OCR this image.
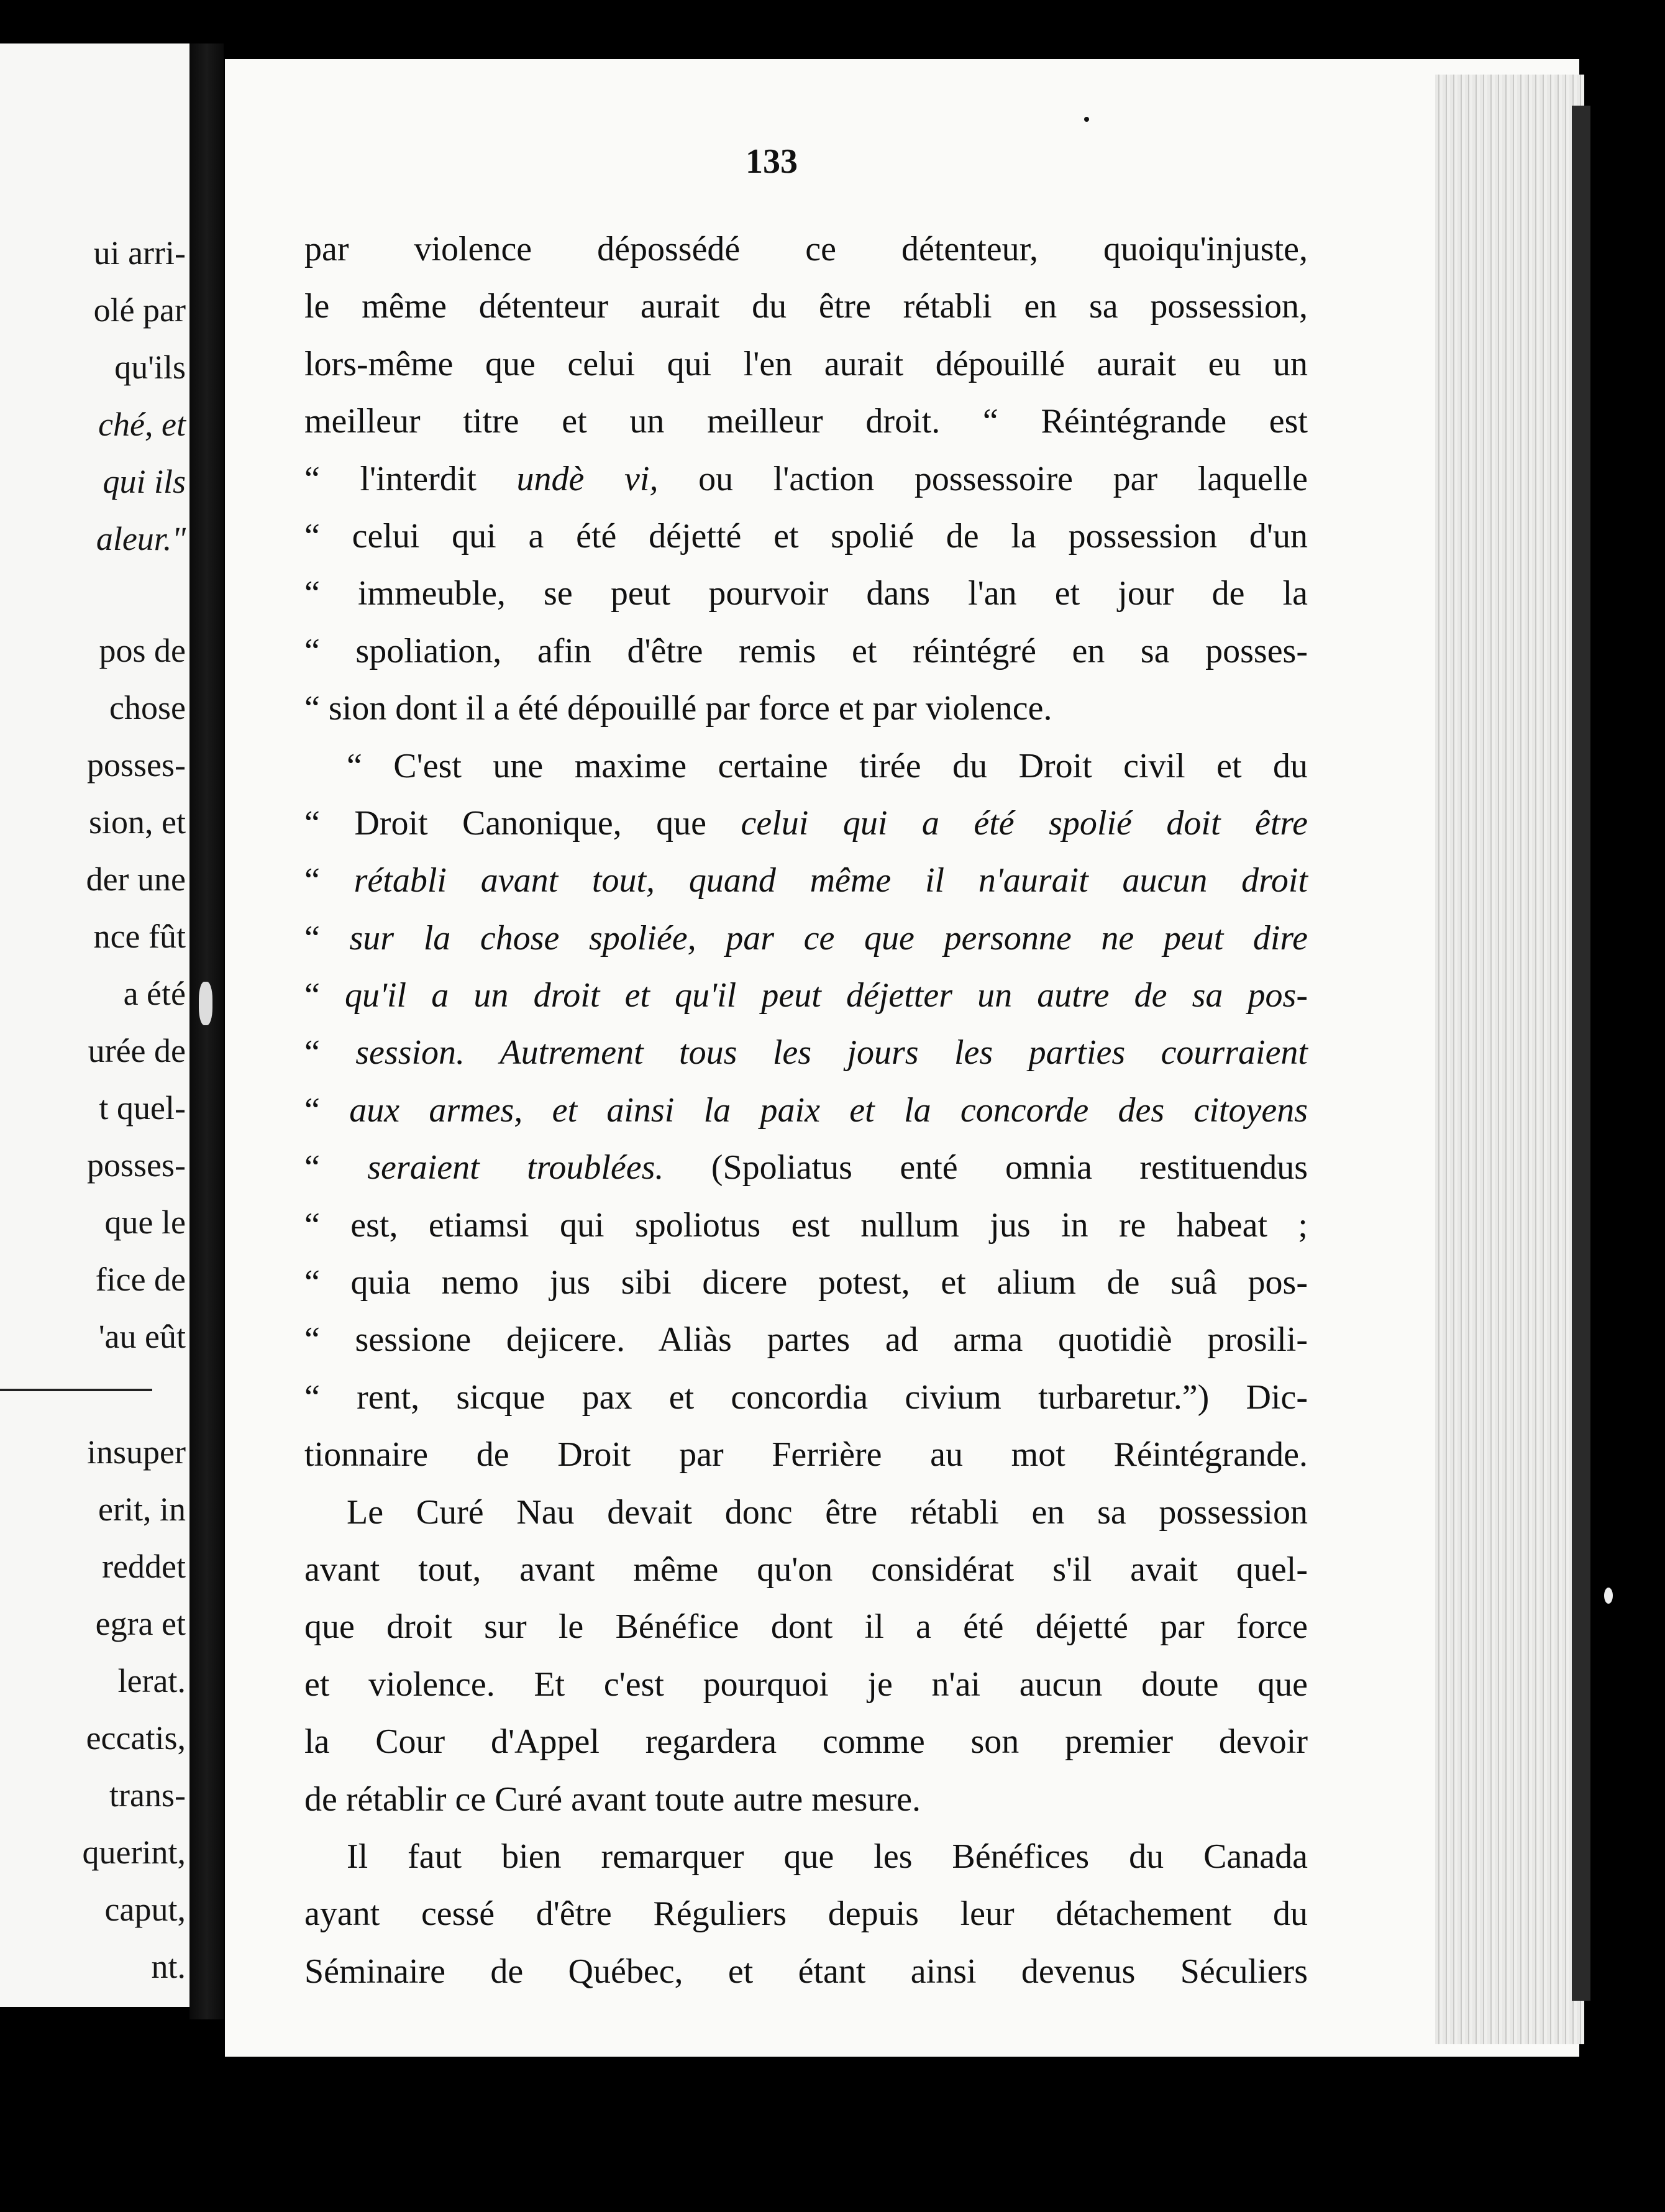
ui arri-
olé par
qu'ils
ché, et
qui ils
aleur."
pos de
chose
posses-
sion, et
der une
nce fût
a été
urée de
t quel-
posses-
que le
fice de
'au eût
insuper
erit, in
reddet
egra et
lerat.
eccatis,
trans-
querint,
caput,
nt.
133
par violence dépossédé ce détenteur, quoiqu'injuste,
le même détenteur aurait du être rétabli en sa possession,
lors-même que celui qui l'en aurait dépouillé aurait eu un
meilleur titre et un meilleur droit. “ Réintégrande est
“ l'interdit undè vi, ou l'action possessoire par laquelle
“ celui qui a été déjetté et spolié de la possession d'un
“ immeuble, se peut pourvoir dans l'an et jour de la
“ spoliation, afin d'être remis et réintégré en sa posses-
“ sion dont il a été dépouillé par force et par violence.
“ C'est une maxime certaine tirée du Droit civil et du
“ Droit Canonique, que celui qui a été spolié doit être
“ rétabli avant tout, quand même il n'aurait aucun droit
“ sur la chose spoliée, par ce que personne ne peut dire
“ qu'il a un droit et qu'il peut déjetter un autre de sa pos-
“ session. Autrement tous les jours les parties courraient
“ aux armes, et ainsi la paix et la concorde des citoyens
“ seraient troublées. (Spoliatus enté omnia restituendus
“ est, etiamsi qui spoliotus est nullum jus in re habeat ;
“ quia nemo jus sibi dicere potest, et alium de suâ pos-
“ sessione dejicere. Aliàs partes ad arma quotidiè prosili-
“ rent, sicque pax et concordia civium turbaretur.”) Dic-
tionnaire de Droit par Ferrière au mot Réintégrande.
Le Curé Nau devait donc être rétabli en sa possession
avant tout, avant même qu'on considérat s'il avait quel-
que droit sur le Bénéfice dont il a été déjetté par force
et violence. Et c'est pourquoi je n'ai aucun doute que
la Cour d'Appel regardera comme son premier devoir
de rétablir ce Curé avant toute autre mesure.
Il faut bien remarquer que les Bénéfices du Canada
ayant cessé d'être Réguliers depuis leur détachement du
Séminaire de Québec, et étant ainsi devenus Séculiers
